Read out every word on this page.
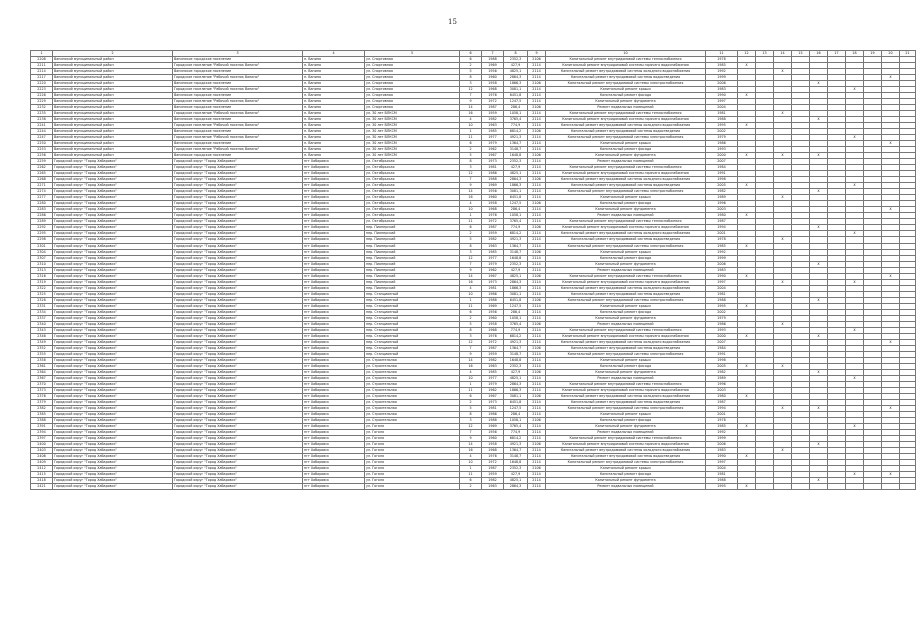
15
1	2	3	4	5	6	7	8	9	10	11	12	13	14	15	16	17	18	19	20	21
2208	Ванинский муниципальный район	Ванинское городское поселение	п. Ванино	ул. Спортивная	6	1988	2352,3	2106	Капитальный ремонт внутридомовой системы теплоснабжения	1978										
2211	Ванинский муниципальный район	Городское поселение "Рабочий поселок Ванино"	п. Ванино	ул. Спортивная	2	1969	427,9	2114	Капитальный ремонт внутридомовой системы горячего водоснабжения	1985	Х									
2214	Ванинский муниципальный район	Ванинское городское поселение	п. Ванино	ул. Спортивная	5	1956	4825,1	2114	Капитальный ремонт внутридомовой системы холодного водоснабжения	1992			Х							
2217	Ванинский муниципальный район	Городское поселение "Рабочий поселок Ванино"	п. Ванино	ул. Спортивная	8	1960	2864,3	2114	Капитальный ремонт внутридомовой системы водоотведения	1999									Х	
2220	Ванинский муниципальный район	Ванинское городское поселение	п. Ванино	ул. Спортивная	3	1958	1866,3	2106	Капитальный ремонт внутридомовой системы электроснабжения	2006					Х					
2223	Ванинский муниципальный район	Городское поселение "Рабочий поселок Ванино"	п. Ванино	ул. Спортивная	12	1968	3081,1	2114	Капитальный ремонт крыши	1983							Х			
2226	Ванинский муниципальный район	Ванинское городское поселение	п. Ванино	ул. Спортивная	7	1976	6451,8	2114	Капитальный ремонт фасада	1990	Х									
2229	Ванинский муниципальный район	Городское поселение "Рабочий поселок Ванино"	п. Ванино	ул. Спортивная	9	1972	1247,5	2114	Капитальный ремонт фундамента	1997										
2232	Ванинский муниципальный район	Ванинское городское поселение	п. Ванино	ул. Спортивная	14	1987	286,4	2106	Ремонт подвальных помещений	2004										
2235	Ванинский муниципальный район	Городское поселение "Рабочий поселок Ванино"	п. Ванино	ул. 30 лет ВЛКСМ	16	1959	1058,1	2114	Капитальный ремонт внутридомовой системы теплоснабжения	1981			Х							
2238	Ванинский муниципальный район	Ванинское городское поселение	п. Ванино	ул. 30 лет ВЛКСМ	4	1982	3765,4	2114	Капитальный ремонт внутридомовой системы горячего водоснабжения	1988					Х					
2241	Ванинский муниципальный район	Городское поселение "Рабочий поселок Ванино"	п. Ванино	ул. 30 лет ВЛКСМ	10	1963	774,9	2114	Капитальный ремонт внутридомовой системы холодного водоснабжения	1995	Х									
2244	Ванинский муниципальный район	Ванинское городское поселение	п. Ванино	ул. 30 лет ВЛКСМ	1	1985	6814,2	2106	Капитальный ремонт внутридомовой системы водоотведения	2002										
2247	Ванинский муниципальный район	Городское поселение "Рабочий поселок Ванино"	п. Ванино	ул. 30 лет ВЛКСМ	11	1977	4921,3	2114	Капитальный ремонт внутридомовой системы электроснабжения	1979							Х			
2250	Ванинский муниципальный район	Ванинское городское поселение	п. Ванино	ул. 30 лет ВЛКСМ	6	1979	1364,7	2114	Капитальный ремонт крыши	1986									Х	
2253	Ванинский муниципальный район	Городское поселение "Рабочий поселок Ванино"	п. Ванино	ул. 30 лет ВЛКСМ	2	1962	3148,7	2114	Капитальный ремонт фасада	1993										
2256	Ванинский муниципальный район	Ванинское городское поселение	п. Ванино	ул. 30 лет ВЛКСМ	5	1967	1648,8	2106	Капитальный ремонт фундамента	2000	Х		Х		Х					
2259	Городской округ "Город Хабаровск"	Городской округ "Город Хабаровск"	пгт Хабаровск	ул. Октябрьская	8	1973	2352,3	2114	Ремонт подвальных помещений	2007										
2262	Городской округ "Город Хабаровск"	Городской округ "Город Хабаровск"	пгт Хабаровск	ул. Октябрьская	3	1981	427,9	2114	Капитальный ремонт внутридомовой системы теплоснабжения	1984										
2265	Городской округ "Город Хабаровск"	Городской округ "Город Хабаровск"	пгт Хабаровск	ул. Октябрьская	12	1986	4825,1	2114	Капитальный ремонт внутридомовой системы горячего водоснабжения	1991										
2268	Городской округ "Город Хабаровск"	Городской округ "Город Хабаровск"	пгт Хабаровск	ул. Октябрьская	7	1988	2864,3	2106	Капитальный ремонт внутридомовой системы холодного водоснабжения	1998										
2271	Городской округ "Город Хабаровск"	Городской округ "Город Хабаровск"	пгт Хабаровск	ул. Октябрьская	9	1969	1866,3	2114	Капитальный ремонт внутридомовой системы водоотведения	2005	Х						Х			
2274	Городской округ "Город Хабаровск"	Городской округ "Город Хабаровск"	пгт Хабаровск	ул. Октябрьская	14	1956	3081,1	2114	Капитальный ремонт внутридомовой системы электроснабжения	1982					Х					
2277	Городской округ "Город Хабаровск"	Городской округ "Город Хабаровск"	пгт Хабаровск	ул. Октябрьская	16	1960	6451,8	2114	Капитальный ремонт крыши	1989			Х							
2280	Городской округ "Город Хабаровск"	Городской округ "Город Хабаровск"	пгт Хабаровск	ул. Октябрьская	4	1958	1247,5	2106	Капитальный ремонт фасада	1996										
2283	Городской округ "Город Хабаровск"	Городской округ "Город Хабаровск"	пгт Хабаровск	ул. Октябрьская	10	1968	286,4	2114	Капитальный ремонт фундамента	2003									Х	
2286	Городской округ "Город Хабаровск"	Городской округ "Город Хабаровск"	пгт Хабаровск	ул. Октябрьская	1	1976	1058,1	2114	Ремонт подвальных помещений	1980	Х									
2289	Городской округ "Город Хабаровск"	Городской округ "Город Хабаровск"	пгт Хабаровск	ул. Октябрьская	11	1972	3765,4	2114	Капитальный ремонт внутридомовой системы теплоснабжения	1987										
2292	Городской округ "Город Хабаровск"	Городской округ "Город Хабаровск"	пгт Хабаровск	пер. Пионерский	6	1987	774,9	2106	Капитальный ремонт внутридомовой системы горячего водоснабжения	1994					Х					
2295	Городской округ "Город Хабаровск"	Городской округ "Город Хабаровск"	пгт Хабаровск	пер. Пионерский	2	1959	6814,2	2114	Капитальный ремонт внутридомовой системы холодного водоснабжения	2001							Х			
2298	Городской округ "Город Хабаровск"	Городской округ "Город Хабаровск"	пгт Хабаровск	пер. Пионерский	5	1982	4921,3	2114	Капитальный ремонт внутридомовой системы водоотведения	1978			Х							
2301	Городской округ "Город Хабаровск"	Городской округ "Город Хабаровск"	пгт Хабаровск	пер. Пионерский	8	1963	1364,7	2114	Капитальный ремонт внутридомовой системы электроснабжения	1985	Х									
2304	Городской округ "Город Хабаровск"	Городской округ "Город Хабаровск"	пгт Хабаровск	пер. Пионерский	3	1985	3148,7	2106	Капитальный ремонт крыши	1992										
2307	Городской округ "Город Хабаровск"	Городской округ "Город Хабаровск"	пгт Хабаровск	пер. Пионерский	12	1977	1648,8	2114	Капитальный ремонт фасада	1999										
2310	Городской округ "Город Хабаровск"	Городской округ "Город Хабаровск"	пгт Хабаровск	пер. Пионерский	7	1979	2352,3	2114	Капитальный ремонт фундамента	2006					Х					
2313	Городской округ "Город Хабаровск"	Городской округ "Город Хабаровск"	пгт Хабаровск	пер. Пионерский	9	1962	427,9	2114	Ремонт подвальных помещений	1983										
2316	Городской округ "Город Хабаровск"	Городской округ "Город Хабаровск"	пгт Хабаровск	пер. Пионерский	14	1967	4825,1	2106	Капитальный ремонт внутридомовой системы теплоснабжения	1990	Х								Х	
2319	Городской округ "Город Хабаровск"	Городской округ "Город Хабаровск"	пгт Хабаровск	пер. Пионерский	16	1973	2864,3	2114	Капитальный ремонт внутридомовой системы горячего водоснабжения	1997			Х				Х			
2322	Городской округ "Город Хабаровск"	Городской округ "Город Хабаровск"	пгт Хабаровск	пер. Пионерский	4	1981	1866,3	2114	Капитальный ремонт внутридомовой системы холодного водоснабжения	2004										
2325	Городской округ "Город Хабаровск"	Городской округ "Город Хабаровск"	пгт Хабаровск	пер. Станционный	10	1986	3081,1	2114	Капитальный ремонт внутридомовой системы водоотведения	1981										
2328	Городской округ "Город Хабаровск"	Городской округ "Город Хабаровск"	пгт Хабаровск	пер. Станционный	1	1988	6451,8	2106	Капитальный ремонт внутридомовой системы электроснабжения	1988					Х					
2331	Городской округ "Город Хабаровск"	Городской округ "Город Хабаровск"	пгт Хабаровск	пер. Станционный	11	1969	1247,5	2114	Капитальный ремонт крыши	1995	Х									
2334	Городской округ "Город Хабаровск"	Городской округ "Город Хабаровск"	пгт Хабаровск	пер. Станционный	6	1956	286,4	2114	Капитальный ремонт фасада	2002										
2337	Городской округ "Город Хабаровск"	Городской округ "Город Хабаровск"	пгт Хабаровск	пер. Станционный	2	1960	1058,1	2114	Капитальный ремонт фундамента	1979										
2340	Городской округ "Город Хабаровск"	Городской округ "Город Хабаровск"	пгт Хабаровск	пер. Станционный	5	1958	3765,4	2106	Ремонт подвальных помещений	1986			Х							
2343	Городской округ "Город Хабаровск"	Городской округ "Город Хабаровск"	пгт Хабаровск	пер. Станционный	8	1968	774,9	2114	Капитальный ремонт внутридомовой системы теплоснабжения	1993							Х			
2346	Городской округ "Город Хабаровск"	Городской округ "Город Хабаровск"	пгт Хабаровск	пер. Станционный	3	1976	6814,2	2114	Капитальный ремонт внутридомовой системы горячего водоснабжения	2000	Х				Х					
2349	Городской округ "Город Хабаровск"	Городской округ "Город Хабаровск"	пгт Хабаровск	пер. Станционный	12	1972	4921,3	2114	Капитальный ремонт внутридомовой системы холодного водоснабжения	2007									Х	
2352	Городской округ "Город Хабаровск"	Городской округ "Город Хабаровск"	пгт Хабаровск	пер. Станционный	7	1987	1364,7	2106	Капитальный ремонт внутридомовой системы водоотведения	1984										
2355	Городской округ "Город Хабаровск"	Городской округ "Город Хабаровск"	пгт Хабаровск	пер. Станционный	9	1959	3148,7	2114	Капитальный ремонт внутридомовой системы электроснабжения	1991										
2358	Городской округ "Город Хабаровск"	Городской округ "Город Хабаровск"	пгт Хабаровск	ул. Строительная	14	1982	1648,8	2114	Капитальный ремонт крыши	1998										
2361	Городской округ "Город Хабаровск"	Городской округ "Город Хабаровск"	пгт Хабаровск	ул. Строительная	16	1963	2352,3	2114	Капитальный ремонт фасада	2005	Х		Х							
2364	Городской округ "Город Хабаровск"	Городской округ "Город Хабаровск"	пгт Хабаровск	ул. Строительная	4	1985	427,9	2106	Капитальный ремонт фундамента	1982					Х					
2367	Городской округ "Город Хабаровск"	Городской округ "Город Хабаровск"	пгт Хабаровск	ул. Строительная	10	1977	4825,1	2114	Ремонт подвальных помещений	1989							Х			
2370	Городской округ "Город Хабаровск"	Городской округ "Город Хабаровск"	пгт Хабаровск	ул. Строительная	1	1979	2864,3	2114	Капитальный ремонт внутридомовой системы теплоснабжения	1996										
2373	Городской округ "Город Хабаровск"	Городской округ "Город Хабаровск"	пгт Хабаровск	ул. Строительная	11	1962	1866,3	2114	Капитальный ремонт внутридомовой системы горячего водоснабжения	2003										
2376	Городской округ "Город Хабаровск"	Городской округ "Город Хабаровск"	пгт Хабаровск	ул. Строительная	6	1967	3081,1	2106	Капитальный ремонт внутридомовой системы холодного водоснабжения	1980	Х									
2379	Городской округ "Город Хабаровск"	Городской округ "Город Хабаровск"	пгт Хабаровск	ул. Строительная	2	1973	6451,8	2114	Капитальный ремонт внутридомовой системы водоотведения	1987										
2382	Городской округ "Город Хабаровск"	Городской округ "Город Хабаровск"	пгт Хабаровск	ул. Строительная	5	1981	1247,5	2114	Капитальный ремонт внутридомовой системы электроснабжения	1994			Х		Х				Х	
2385	Городской округ "Город Хабаровск"	Городской округ "Город Хабаровск"	пгт Хабаровск	ул. Строительная	8	1986	286,4	2114	Капитальный ремонт крыши	2001										
2388	Городской округ "Город Хабаровск"	Городской округ "Город Хабаровск"	пгт Хабаровск	ул. Строительная	3	1988	1058,1	2106	Капитальный ремонт фасада	1978										
2391	Городской округ "Город Хабаровск"	Городской округ "Город Хабаровск"	пгт Хабаровск	ул. Гоголя	12	1969	3765,4	2114	Капитальный ремонт фундамента	1985	Х						Х			
2394	Городской округ "Город Хабаровск"	Городской округ "Город Хабаровск"	пгт Хабаровск	ул. Гоголя	7	1956	774,9	2114	Ремонт подвальных помещений	1992										
2397	Городской округ "Город Хабаровск"	Городской округ "Город Хабаровск"	пгт Хабаровск	ул. Гоголя	9	1960	6814,2	2114	Капитальный ремонт внутридомовой системы теплоснабжения	1999										
2400	Городской округ "Город Хабаровск"	Городской округ "Город Хабаровск"	пгт Хабаровск	ул. Гоголя	14	1958	4921,3	2106	Капитальный ремонт внутридомовой системы горячего водоснабжения	2006					Х					
2403	Городской округ "Город Хабаровск"	Городской округ "Город Хабаровск"	пгт Хабаровск	ул. Гоголя	16	1968	1364,7	2114	Капитальный ремонт внутридомовой системы холодного водоснабжения	1983			Х							
2406	Городской округ "Город Хабаровск"	Городской округ "Город Хабаровск"	пгт Хабаровск	ул. Гоголя	4	1976	3148,7	2114	Капитальный ремонт внутридомовой системы водоотведения	1990	Х									
2409	Городской округ "Город Хабаровск"	Городской округ "Город Хабаровск"	пгт Хабаровск	ул. Гоголя	10	1972	1648,8	2114	Капитальный ремонт внутридомовой системы электроснабжения	1997										
2412	Городской округ "Город Хабаровск"	Городской округ "Город Хабаровск"	пгт Хабаровск	ул. Гоголя	1	1987	2352,3	2106	Капитальный ремонт крыши	2004										
2415	Городской округ "Город Хабаровск"	Городской округ "Город Хабаровск"	пгт Хабаровск	ул. Гоголя	11	1959	427,9	2114	Капитальный ремонт фасада	1981							Х		Х	
2418	Городской округ "Город Хабаровск"	Городской округ "Город Хабаровск"	пгт Хабаровск	ул. Гоголя	6	1982	4825,1	2114	Капитальный ремонт фундамента	1988					Х					
2421	Городской округ "Город Хабаровск"	Городской округ "Город Хабаровск"	пгт Хабаровск	ул. Гоголя	2	1963	2864,3	2114	Ремонт подвальных помещений	1995	Х									
